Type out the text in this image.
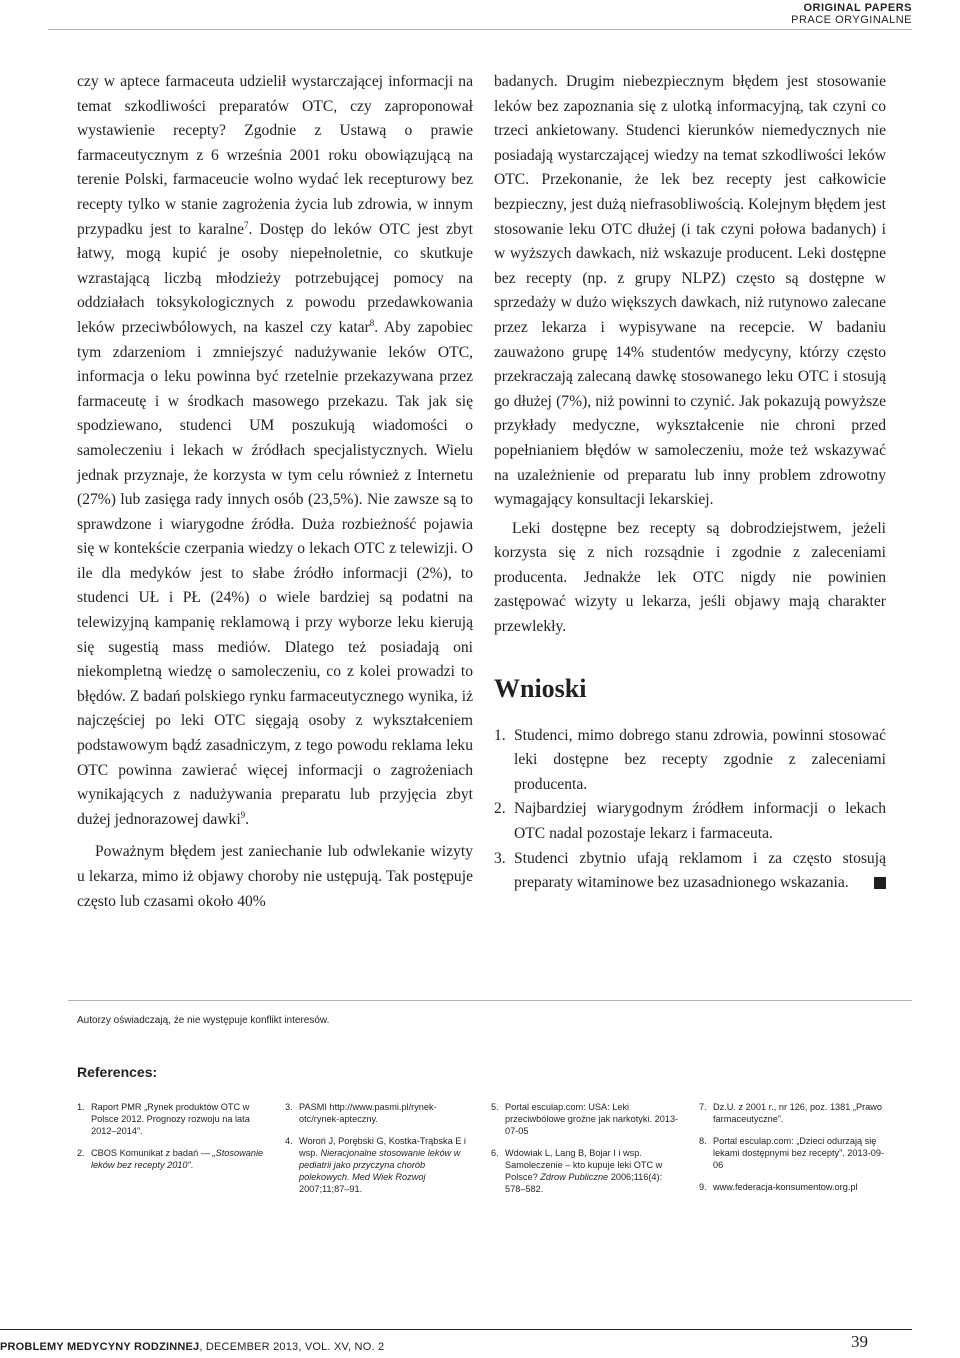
ORIGINAL PAPERS
PRACE ORYGINALNE

czy w aptece farmaceuta udzielił wystarczającej informacji na temat szkodliwości preparatów OTC, czy zaproponował wystawienie recepty? Zgodnie z Ustawą o prawie farmaceutycznym z 6 września 2001 roku obowiązującą na terenie Polski, farmaceucie wolno wydać lek recepturowy bez recepty tylko w stanie zagrożenia życia lub zdrowia, w innym przypadku jest to karalne$^7$. Dostęp do leków OTC jest zbyt łatwy, mogą kupić je osoby niepełnoletnie, co skutkuje wzrastającą liczbą młodzieży potrzebującej pomocy na oddziałach toksykologicznych z powodu przedawkowania leków przeciwbólowych, na kaszel czy katar$^8$. Aby zapobiec tym zdarzeniom i zmniejszyć nadużywanie leków OTC, informacja o leku powinna być rzetelnie przekazywana przez farmaceutę i w środkach masowego przekazu. Tak jak się spodziewano, studenci UM poszukują wiadomości o samoleczeniu i lekach w źródłach specjalistycznych. Wielu jednak przyznaje, że korzysta w tym celu również z Internetu (27%) lub zasięga rady innych osób (23,5%). Nie zawsze są to sprawdzone i wiarygodne źródła. Duża rozbieżność pojawia się w kontekście czerpania wiedzy o lekach OTC z telewizji. O ile dla medyków jest to słabe źródło informacji (2%), to studenci UŁ i PŁ (24%) o wiele bardziej są podatni na telewizyjną kampanię reklamową i przy wyborze leku kierują się sugestią mass mediów. Dlatego też posiadają oni niekompletną wiedzę o samoleczeniu, co z kolei prowadzi to błędów. Z badań polskiego rynku farmaceutycznego wynika, iż najczęściej po leki OTC sięgają osoby z wykształceniem podstawowym bądź zasadniczym, z tego powodu reklama leku OTC powinna zawierać więcej informacji o zagrożeniach wynikających z nadużywania preparatu lub przyjęcia zbyt dużej jednorazowej dawki$^9$.

Poważnym błędem jest zaniechanie lub odwlekanie wizyty u lekarza, mimo iż objawy choroby nie ustępują. Tak postępuje często lub czasami około 40%

badanych. Drugim niebezpiecznym błędem jest stosowanie leków bez zapoznania się z ulotką informacyjną, tak czyni co trzeci ankietowany. Studenci kierunków niemedycznych nie posiadają wystarczającej wiedzy na temat szkodliwości leków OTC. Przekonanie, że lek bez recepty jest całkowicie bezpieczny, jest dużą niefrasobliwością. Kolejnym błędem jest stosowanie leku OTC dłużej (i tak czyni połowa badanych) i w wyższych dawkach, niż wskazuje producent. Leki dostępne bez recepty (np. z grupy NLPZ) często są dostępne w sprzedaży w dużo większych dawkach, niż rutynowo zalecane przez lekarza i wypisywane na recepcie. W badaniu zauważono grupę 14% studentów medycyny, którzy często przekraczają zalecaną dawkę stosowanego leku OTC i stosują go dłużej (7%), niż powinni to czynić. Jak pokazują powyższe przykłady medyczne, wykształcenie nie chroni przed popełnianiem błędów w samoleczeniu, może też wskazywać na uzależnienie od preparatu lub inny problem zdrowotny wymagający konsultacji lekarskiej.

Leki dostępne bez recepty są dobrodziejstwem, jeżeli korzysta się z nich rozsądnie i zgodnie z zaleceniami producenta. Jednakże lek OTC nigdy nie powinien zastępować wizyty u lekarza, jeśli objawy mają charakter przewlekły.

Wnioski
1. Studenci, mimo dobrego stanu zdrowia, powinni stosować leki dostępne bez recepty zgodnie z zaleceniami producenta.
2. Najbardziej wiarygodnym źródłem informacji o lekach OTC nadal pozostaje lekarz i farmaceuta.
3. Studenci zbytnio ufają reklamom i za często stosują preparaty witaminowe bez uzasadnionego wskazania.
Autorzy oświadczają, że nie występuje konflikt interesów.
References:
1. Raport PMR „Rynek produktów OTC w Polsce 2012. Prognozy rozwoju na lata 2012–2014”.
2. CBOS Komunikat z badań — „Stosowanie leków bez recepty 2010”.
3. PASMI http://www.pasmi.pl/rynek-otc/rynek-apteczny.
4. Woroń J, Porębski G, Kostka-Trąbska E i wsp. Nieracjonalne stosowanie leków w pediatrii jako przyczyna chorób polekowych. Med Wiek Rozwoj 2007;11;87–91.
5. Portal esculap.com: USA: Leki przeciwbólowe groźne jak narkotyki. 2013-07-05
6. Wdowiak L, Lang B, Bojar I i wsp. Samoleczenie – kto kupuje leki OTC w Polsce? Zdrow Publiczne 2006;116(4): 578–582.
7. Dz.U. z 2001 r., nr 126, poz. 1381 „Prawo farmaceutyczne”.
8. Portal esculap.com: „Dzieci odurzają się lekami dostępnymi bez recepty”. 2013-09-06
9. www.federacja-konsumentow.org.pl
PROBLEMY MEDYCYNY RODZINNEJ, DECEMBER 2013, VOL. XV, NO. 2	39
